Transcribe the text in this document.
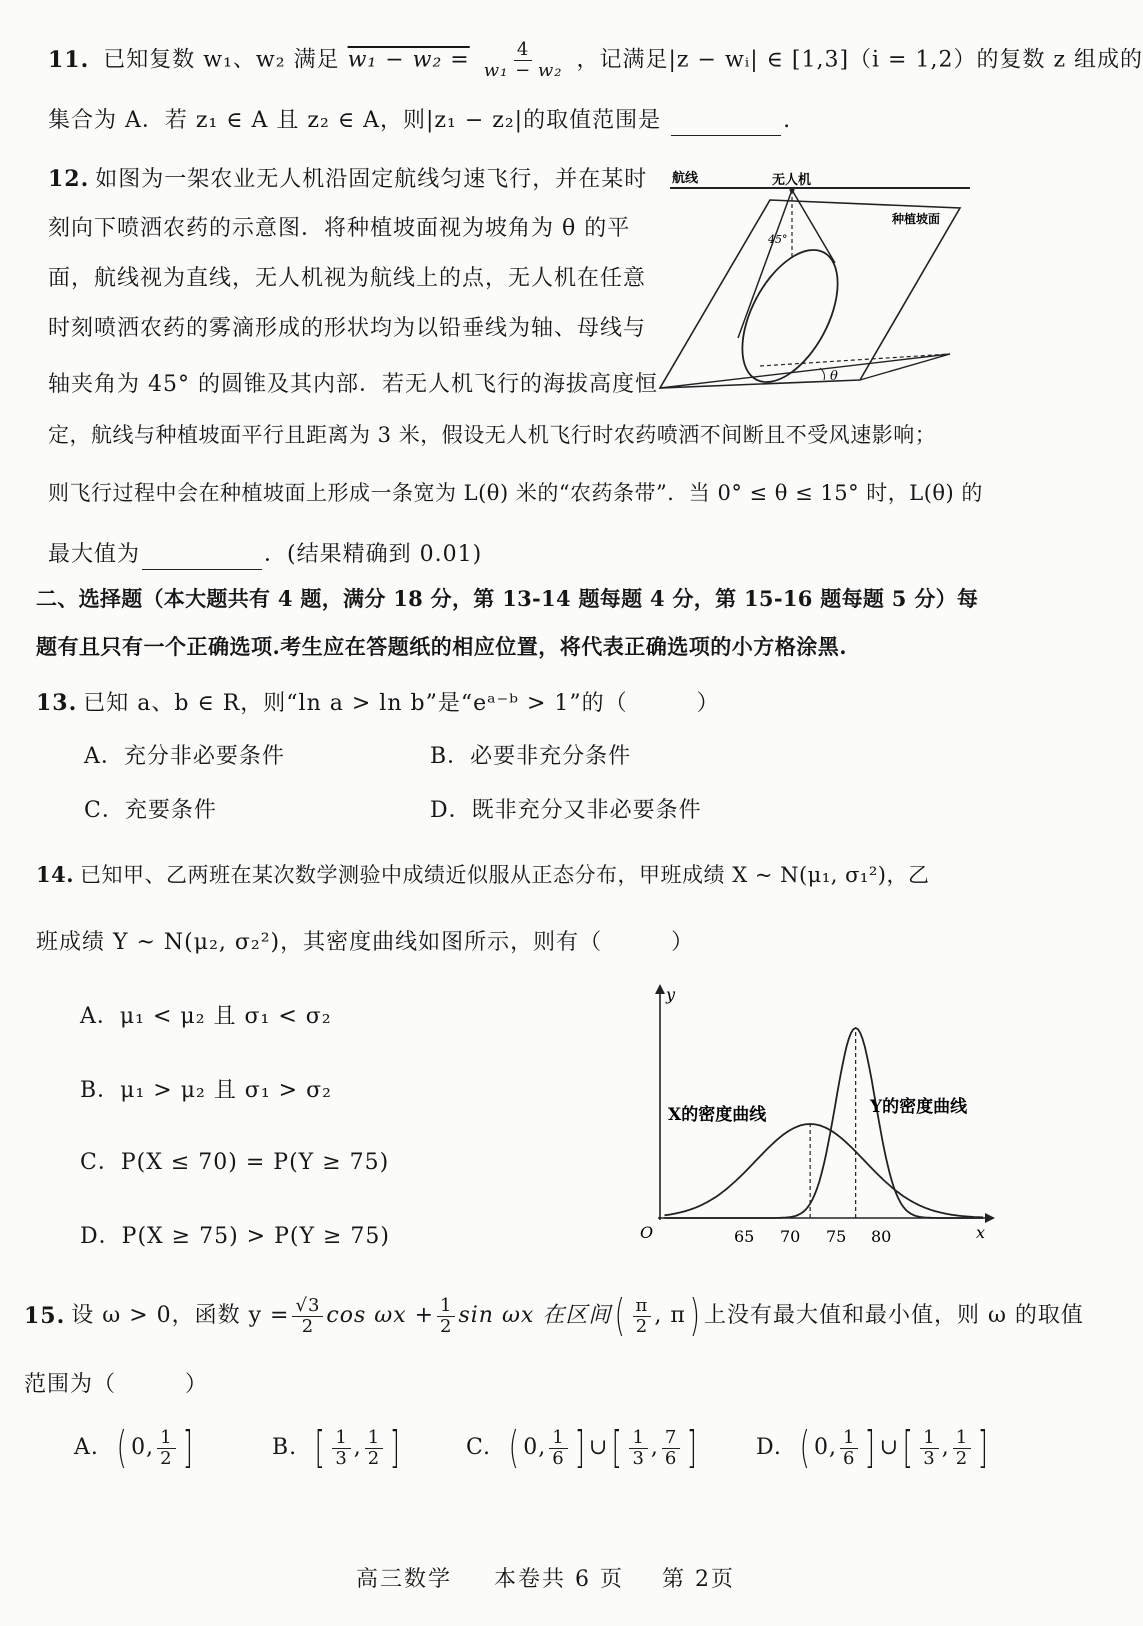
11. 已知复数 w₁、w₂ 满足 $w_1 - w_2 = \frac{4}{\text{w₁ − w₂}}$ ，记满足|z − wᵢ| ∈ [1,3]（i = 1,2）的复数 z 组成的
集合为 A．若 z₁ ∈ A 且 z₂ ∈ A，则|z₁ − z₂|的取值范围是	.
12. 如图为一架农业无人机沿固定航线匀速飞行，并在某时
刻向下喷洒农药的示意图．将种植坡面视为坡角为 θ 的平
面，航线视为直线，无人机视为航线上的点，无人机在任意
时刻喷洒农药的雾滴形成的形状均为以铅垂线为轴、母线与
轴夹角为 45° 的圆锥及其内部．若无人机飞行的海拔高度恒
定，航线与种植坡面平行且距离为 3 米，假设无人机飞行时农药喷洒不间断且不受风速影响；
则飞行过程中会在种植坡面上形成一条宽为 L(θ) 米的“农药条带”．当 0° ≤ θ ≤ 15° 时，L(θ) 的
最大值为	．(结果精确到 0.01)
航线	无人机
种植坡面
45°
θ
二、选择题（本大题共有 4 题，满分 18 分，第 13-14 题每题 4 分，第 15-16 题每题 5 分）每
题有且只有一个正确选项.考生应在答题纸的相应位置，将代表正确选项的小方格涂黑.
13. 已知 a、b ∈ R，则“ln a > ln b”是“eᵃ⁻ᵇ > 1”的（　　　）
A．充分非必要条件	B．必要非充分条件
C．充要条件	D．既非充分又非必要条件
14. 已知甲、乙两班在某次数学测验中成绩近似服从正态分布，甲班成绩 X ~ N(μ₁, σ₁²)，乙
班成绩 Y ~ N(μ₂, σ₂²)，其密度曲线如图所示，则有（　　　）
A．μ₁ < μ₂ 且 σ₁ < σ₂
B．μ₁ > μ₂ 且 σ₁ > σ₂
C．P(X ≤ 70) = P(Y ≥ 75)
D．P(X ≥ 75) > P(Y ≥ 75)
y
x
O	65 70 75 80
X的密度曲线	Y的密度曲线
15. 设 ω > 0，函数 $y = \frac{√3}{2}$ $\cos \omega x + \frac{1}{2}$ sin ωx 在区间 ( $\frac{\pi}{2}$ , π ) 上没有最大值和最小值，则 ω 的取值
范围为（　　　）
A. ( 0, $\frac{1}{2}$ ]	B. [ $\frac{1}{3}$ , $\frac{1}{2}$ ]	C. ( 0, $\frac{1}{6}$ ] ∪ [ $\frac{1}{3}$ , $\frac{7}{6}$ ]	D. ( 0, $\frac{1}{6}$ ] ∪ [ $\frac{1}{3}$ , $\frac{1}{2}$ ]
高三数学 本卷共 6 页 第 2页
